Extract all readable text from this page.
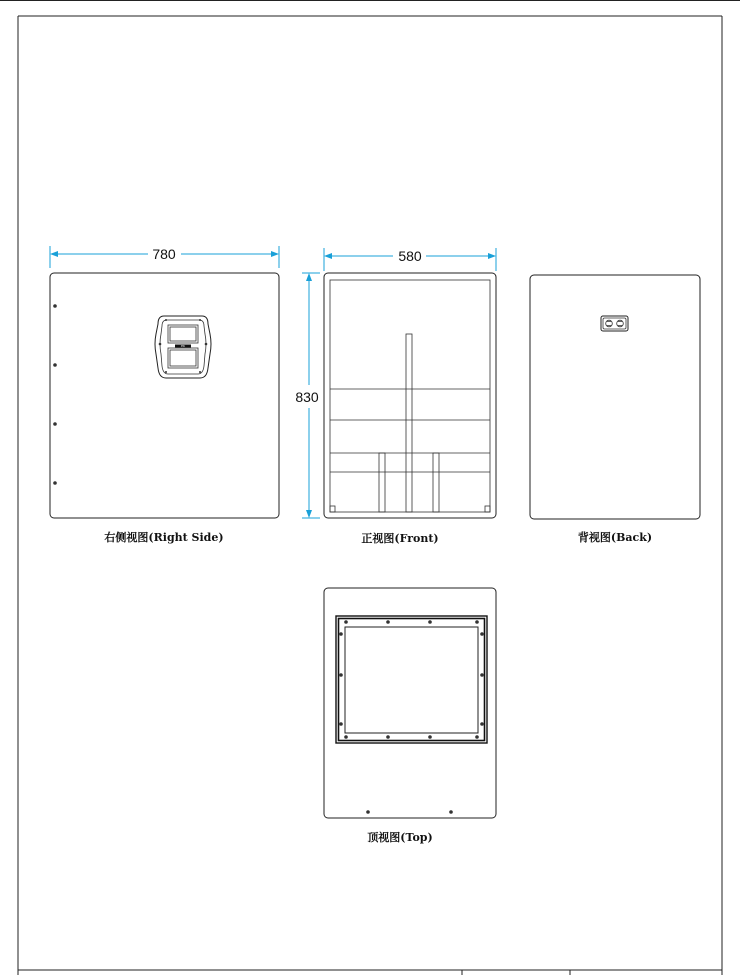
780
EK
右侧视图(Right Side)
580
830
正视图(Front)	背视图(Back)
顶视图(Top)
